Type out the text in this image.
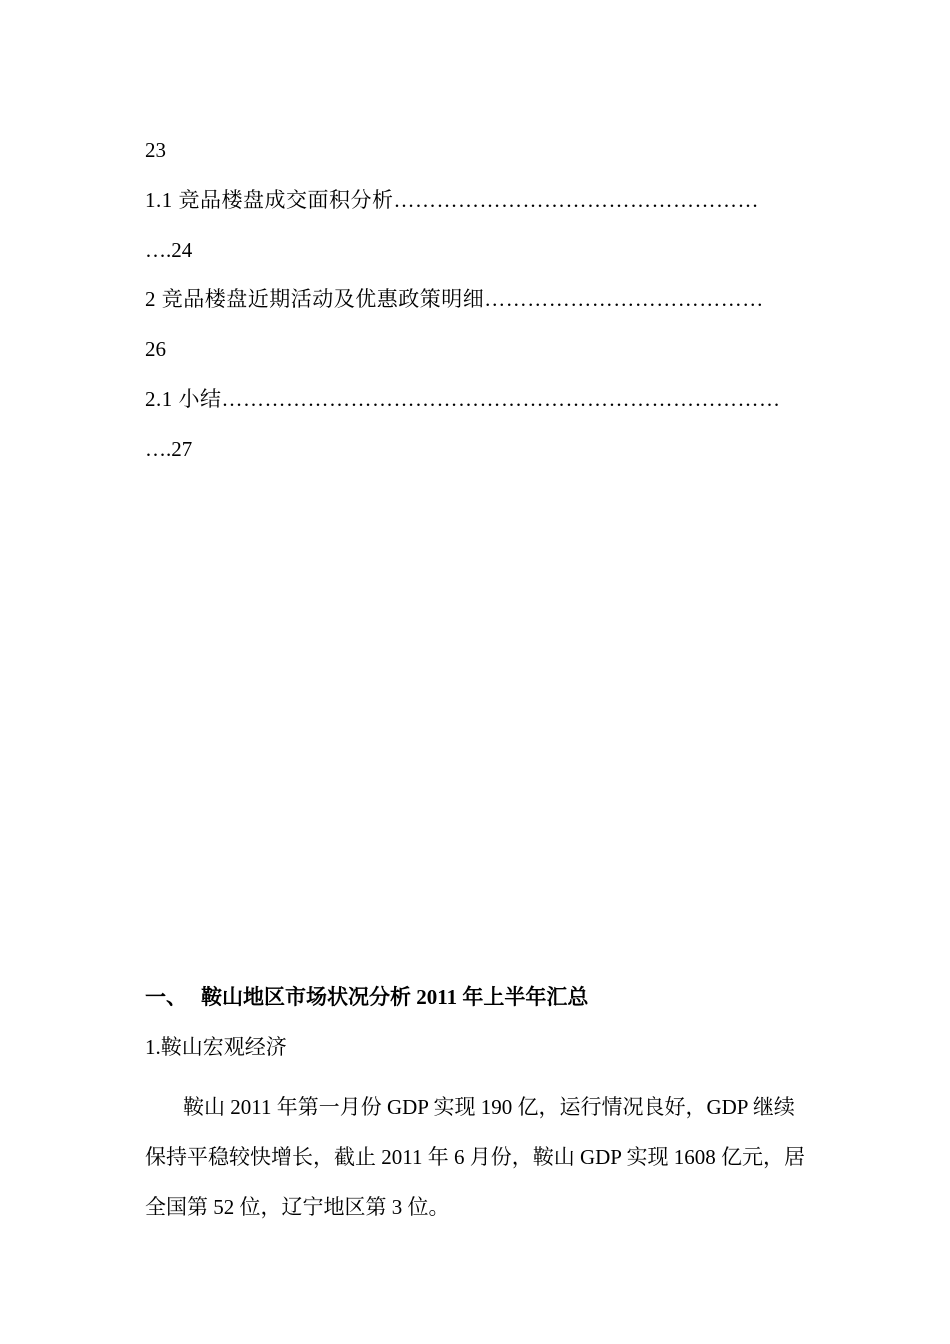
23
1.1 竞品楼盘成交面积分析……………………………………………
….24
2 竞品楼盘近期活动及优惠政策明细…………………………………
26
2.1 小结……………………………………………………………………
….27
一、 鞍山地区市场状况分析 2011 年上半年汇总
1.鞍山宏观经济
鞍山 2011 年第一月份 GDP 实现 190 亿，运行情况良好，GDP 继续保持平稳较快增长，截止 2011 年 6 月份，鞍山 GDP 实现 1608 亿元，居全国第 52 位，辽宁地区第 3 位。
